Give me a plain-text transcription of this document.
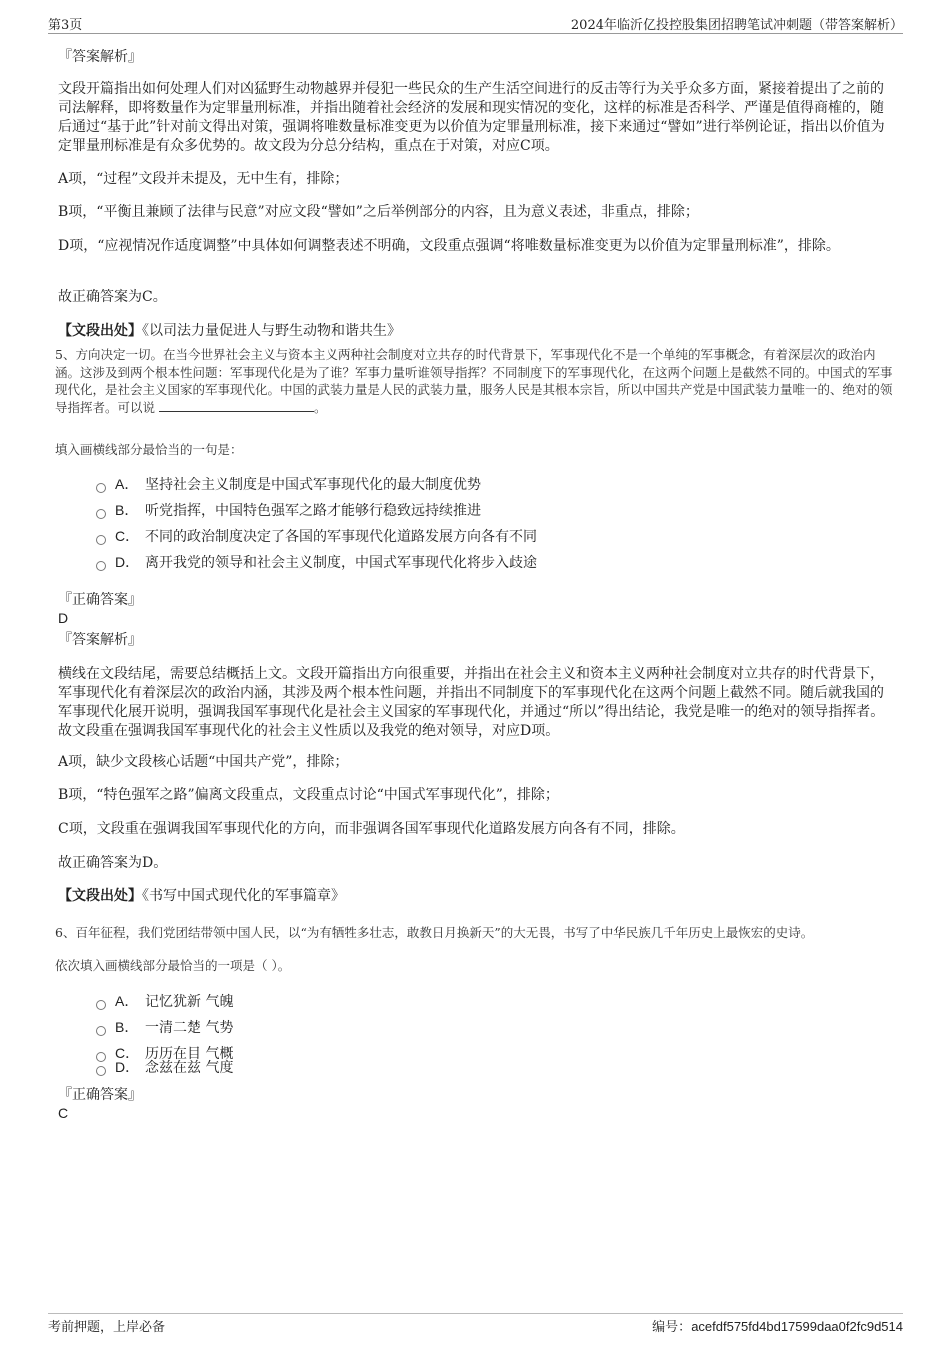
第3页	2024年临沂亿投控股集团招聘笔试冲刺题（带答案解析）
『答案解析』
文段开篇指出如何处理人们对凶猛野生动物越界并侵犯一些民众的生产生活空间进行的反击等行为关乎众多方面，紧接着提出了之前的司法解释，即将数量作为定罪量刑标准，并指出随着社会经济的发展和现实情况的变化，这样的标准是否科学、严谨是值得商榷的，随后通过“基于此”针对前文得出对策，强调将唯数量标准变更为以价值为定罪量刑标准，接下来通过“譬如”进行举例论证，指出以价值为定罪量刑标准是有众多优势的。故文段为分总分结构，重点在于对策，对应C项。
A项，“过程”文段并未提及，无中生有，排除；
B项，“平衡且兼顾了法律与民意”对应文段“譬如”之后举例部分的内容，且为意义表述，非重点，排除；
D项，“应视情况作适度调整”中具体如何调整表述不明确，文段重点强调“将唯数量标准变更为以价值为定罪量刑标准”，排除。
故正确答案为C。
【文段出处】《以司法力量促进人与野生动物和谐共生》
5、方向决定一切。在当今世界社会主义与资本主义两种社会制度对立共存的时代背景下，军事现代化不是一个单纯的军事概念，有着深层次的政治内涵。这涉及到两个根本性问题：军事现代化是为了谁？军事力量听谁领导指挥？不同制度下的军事现代化，在这两个问题上是截然不同的。中国式的军事现代化，是社会主义国家的军事现代化。中国的武装力量是人民的武装力量，服务人民是其根本宗旨，所以中国共产党是中国武装力量唯一的、绝对的领导指挥者。可以说	。
填入画横线部分最恰当的一句是：
A． 坚持社会主义制度是中国式军事现代化的最大制度优势
B． 听党指挥，中国特色强军之路才能够行稳致远持续推进
C． 不同的政治制度决定了各国的军事现代化道路发展方向各有不同
D． 离开我党的领导和社会主义制度，中国式军事现代化将步入歧途
『正确答案』
D
『答案解析』
横线在文段结尾，需要总结概括上文。文段开篇指出方向很重要，并指出在社会主义和资本主义两种社会制度对立共存的时代背景下，军事现代化有着深层次的政治内涵，其涉及两个根本性问题，并指出不同制度下的军事现代化在这两个问题上截然不同。随后就我国的军事现代化展开说明，强调我国军事现代化是社会主义国家的军事现代化，并通过“所以”得出结论，我党是唯一的绝对的领导指挥者。故文段重在强调我国军事现代化的社会主义性质以及我党的绝对领导，对应D项。
A项，缺少文段核心话题“中国共产党”，排除；
B项，“特色强军之路”偏离文段重点，文段重点讨论“中国式军事现代化”，排除；
C项，文段重在强调我国军事现代化的方向，而非强调各国军事现代化道路发展方向各有不同，排除。
故正确答案为D。
【文段出处】《书写中国式现代化的军事篇章》
6、百年征程，我们党团结带领中国人民，以“为有牺牲多壮志，敢教日月换新天”的大无畏，书写了中华民族几千年历史上最恢宏的史诗。
依次填入画横线部分最恰当的一项是（ ）。
A． 记忆犹新 气魄
B． 一清二楚 气势
C． 历历在目 气概
D． 念兹在兹 气度
『正确答案』
C
考前押题，上岸必备	编号：acefdf575fd4bd17599daa0f2fc9d514
